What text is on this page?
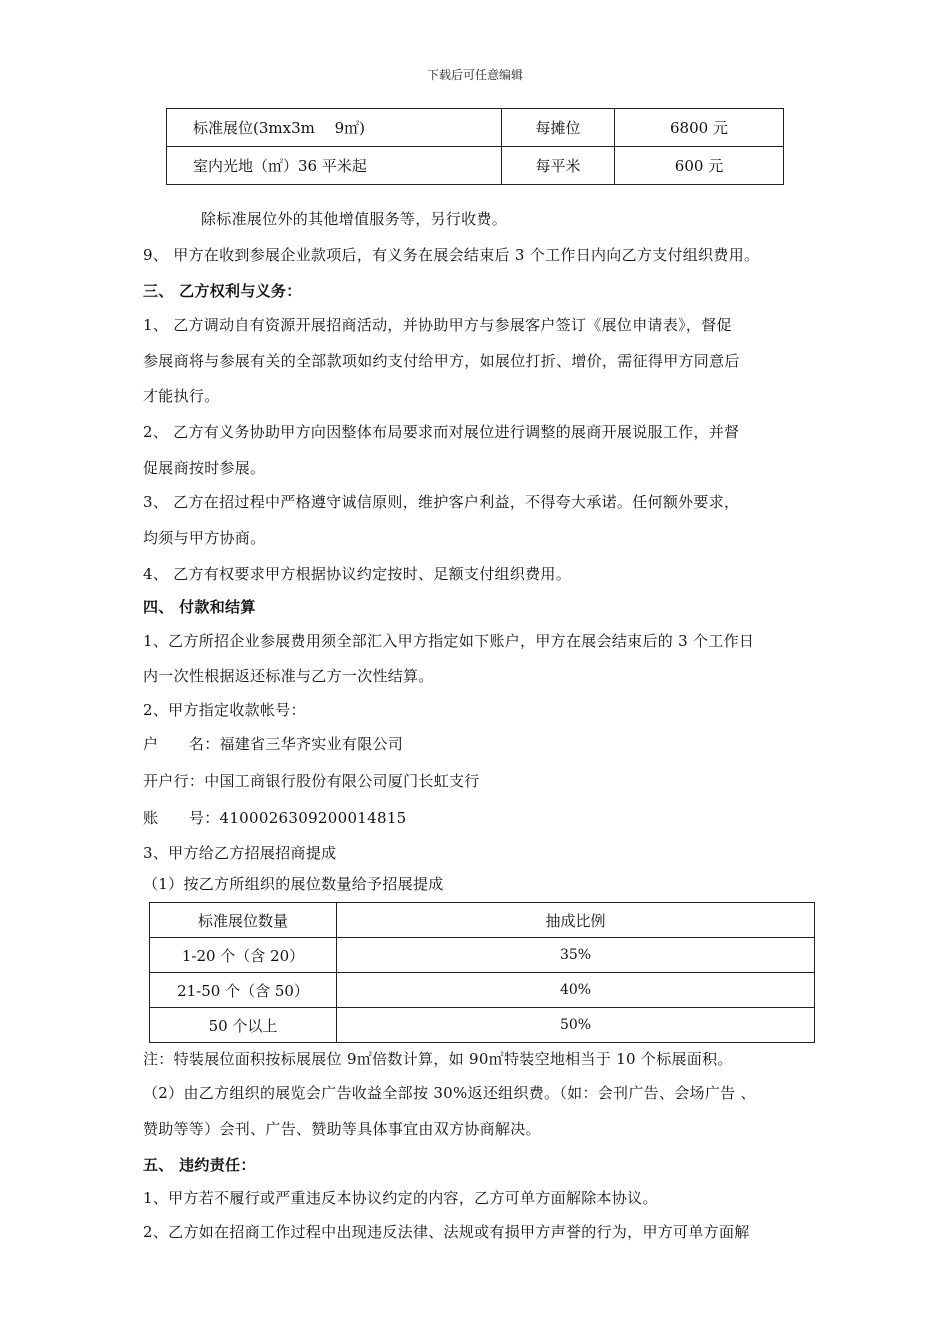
下载后可任意编辑
标准展位(3mx3m　 9㎡)	每摊位	6800 元
室内光地（㎡）36 平米起	每平米	600 元
除标准展位外的其他增值服务等，另行收费。
9、 甲方在收到参展企业款项后，有义务在展会结束后 3 个工作日内向乙方支付组织费用。
三、 乙方权利与义务：
1、 乙方调动自有资源开展招商活动，并协助甲方与参展客户签订《展位申请表》，督促
参展商将与参展有关的全部款项如约支付给甲方，如展位打折、增价，需征得甲方同意后
才能执行。
2、 乙方有义务协助甲方向因整体布局要求而对展位进行调整的展商开展说服工作，并督
促展商按时参展。
3、 乙方在招过程中严格遵守诚信原则，维护客户利益，不得夸大承诺。任何额外要求，
均须与甲方协商。
4、 乙方有权要求甲方根据协议约定按时、足额支付组织费用。
四、 付款和结算
1、乙方所招企业参展费用须全部汇入甲方指定如下账户，甲方在展会结束后的 3 个工作日
内一次性根据返还标准与乙方一次性结算。
2、甲方指定收款帐号：
户　　名：福建省三华齐实业有限公司
开户行：中国工商银行股份有限公司厦门长虹支行
账　　号：4100026309200014815
3、甲方给乙方招展招商提成
（1）按乙方所组织的展位数量给予招展提成
标准展位数量	抽成比例
1-20 个（含 20）	35%
21-50 个（含 50）	40%
50 个以上	50%
注：特装展位面积按标展展位 9㎡倍数计算，如 90㎡特装空地相当于 10 个标展面积。
（2）由乙方组织的展览会广告收益全部按 30%返还组织费。（如：会刊广告、会场广告 、
赞助等等）会刊、广告、赞助等具体事宜由双方协商解决。
五、 违约责任：
1、甲方若不履行或严重违反本协议约定的内容，乙方可单方面解除本协议。
2、乙方如在招商工作过程中出现违反法律、法规或有损甲方声誉的行为，甲方可单方面解
